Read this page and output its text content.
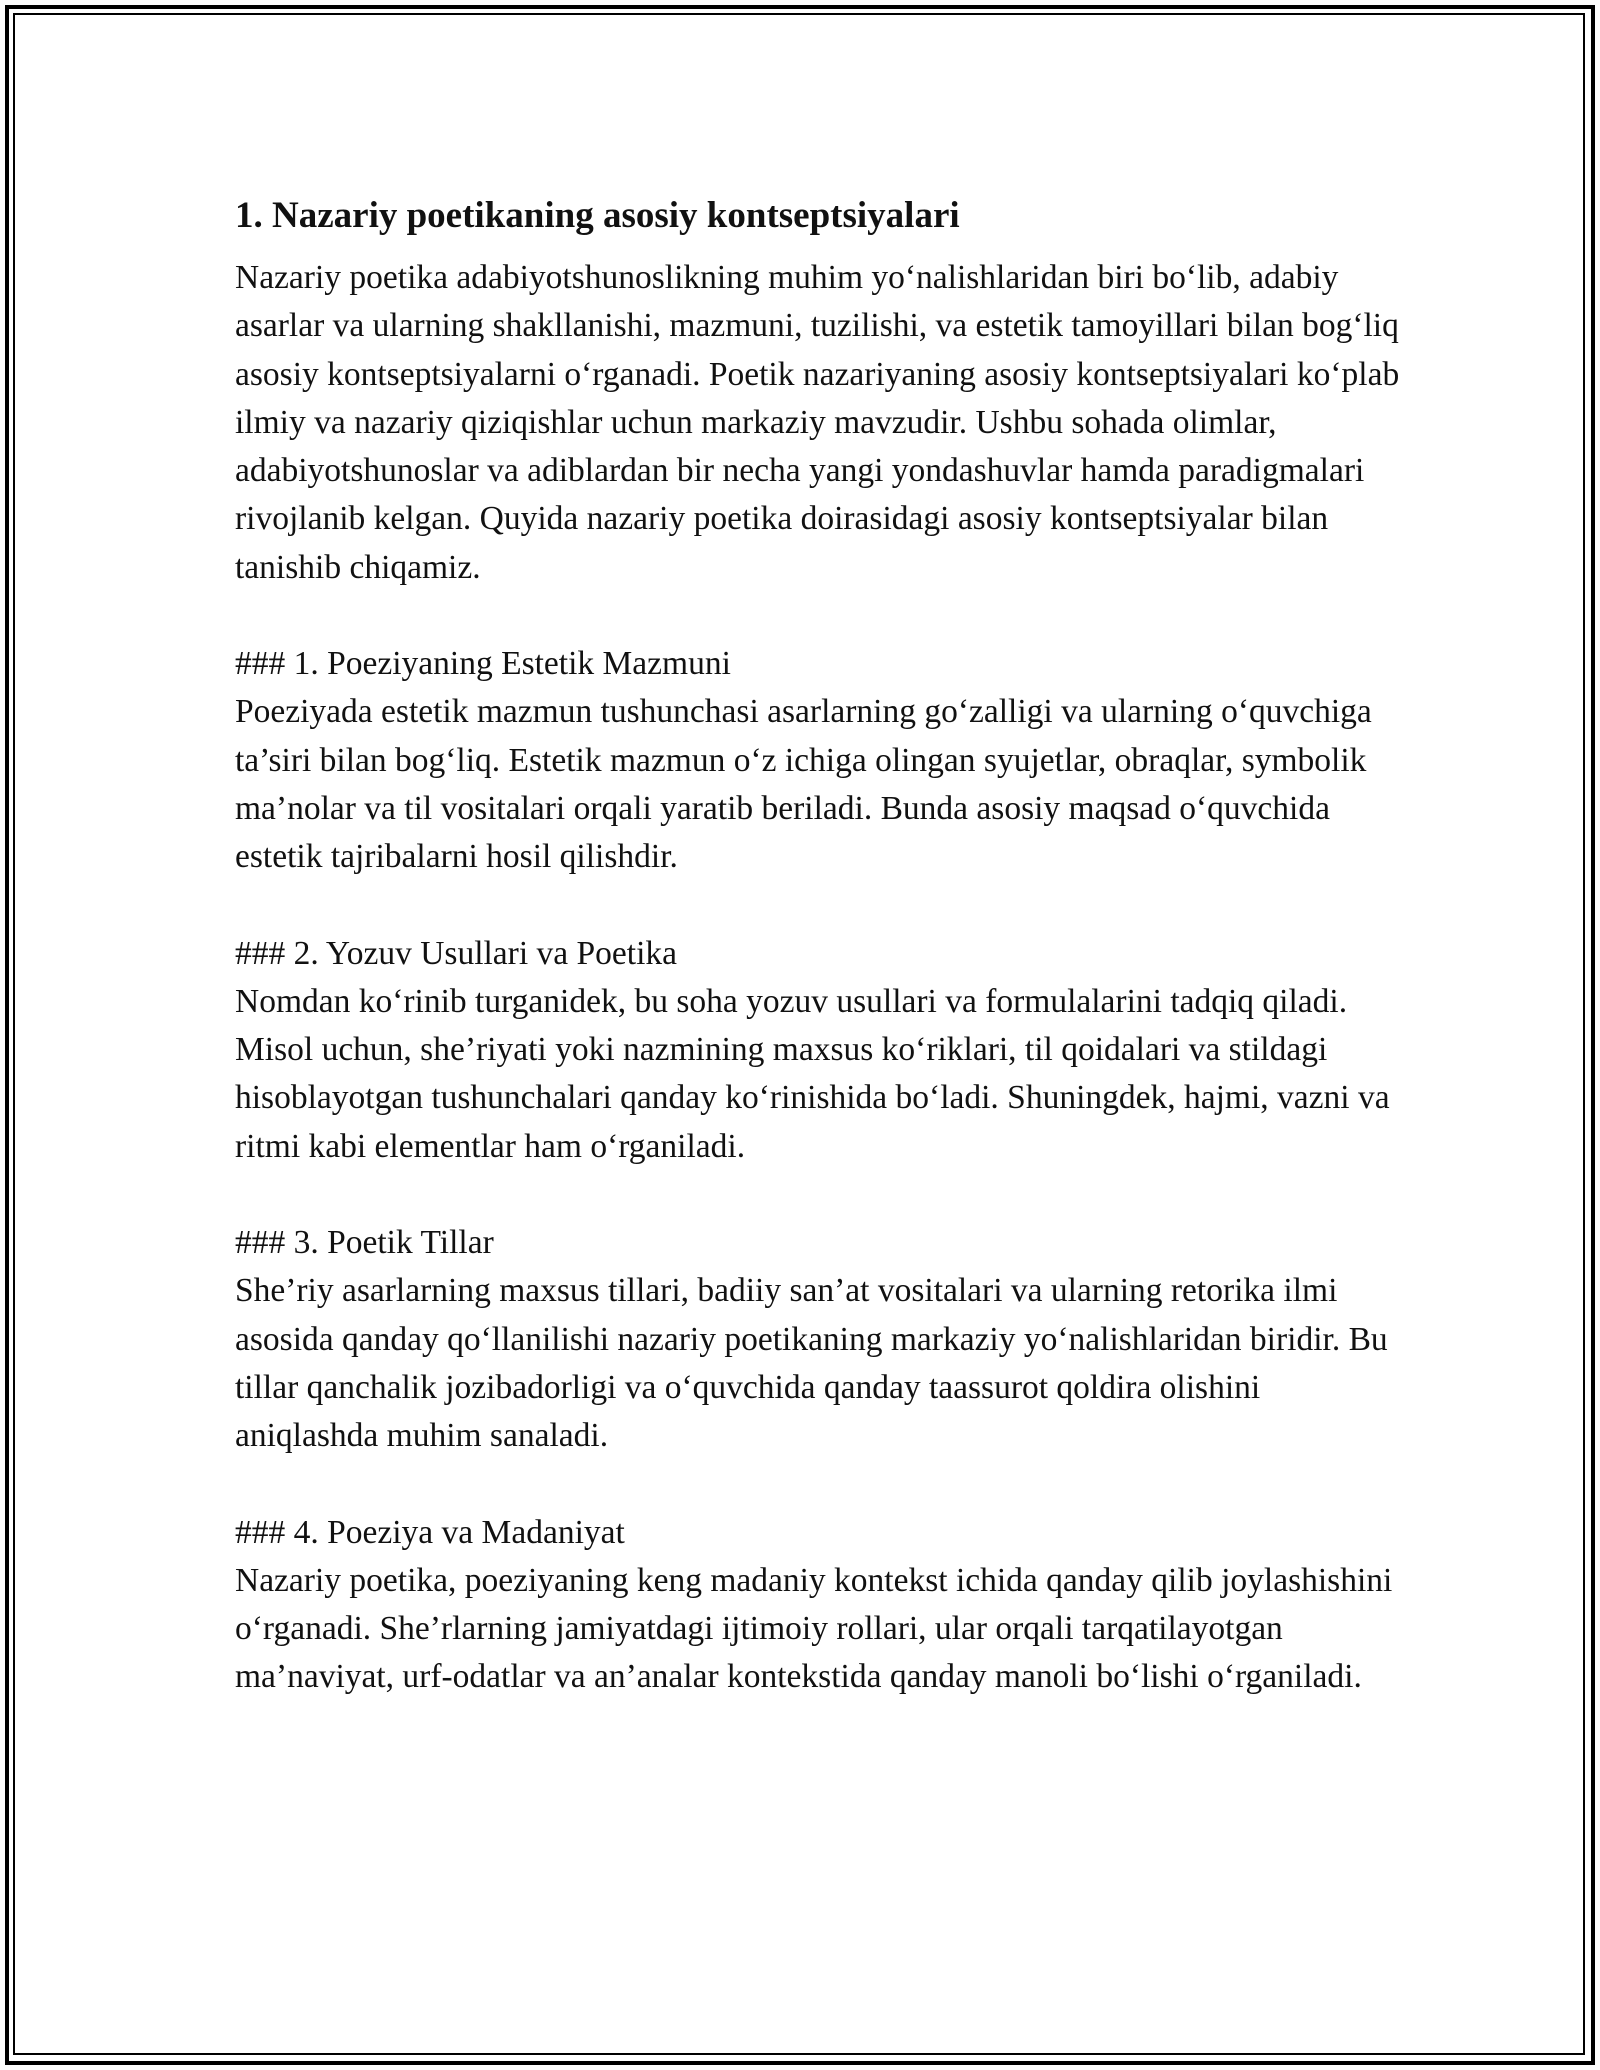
1. Nazariy poetikaning asosiy kontseptsiyalari

Nazariy poetika adabiyotshunoslikning muhim yo‘nalishlaridan biri bo‘lib, adabiy asarlar va ularning shakllanishi, mazmuni, tuzilishi, va estetik tamoyillari bilan bog‘liq asosiy kontseptsiyalarni o‘rganadi. Poetik nazariyaning asosiy kontseptsiyalari ko‘plab ilmiy va nazariy qiziqishlar uchun markaziy mavzudir. Ushbu sohada olimlar, adabiyotshunoslar va adiblardan bir necha yangi yondashuvlar hamda paradigmalari rivojlanib kelgan. Quyida nazariy poetika doirasidagi asosiy kontseptsiyalar bilan tanishib chiqamiz.

### 1. Poeziyaning Estetik Mazmuni

Poeziyada estetik mazmun tushunchasi asarlarning go‘zalligi va ularning o‘quvchiga ta’siri bilan bog‘liq. Estetik mazmun o‘z ichiga olingan syujetlar, obraqlar, symbolik ma’nolar va til vositalari orqali yaratib beriladi. Bunda asosiy maqsad o‘quvchida estetik tajribalarni hosil qilishdir.

### 2. Yozuv Usullari va Poetika

Nomdan ko‘rinib turganidek, bu soha yozuv usullari va formulalarini tadqiq qiladi. Misol uchun, she’riyati yoki nazmining maxsus ko‘riklari, til qoidalari va stildagi hisoblayotgan tushunchalari qanday ko‘rinishida bo‘ladi. Shuningdek, hajmi, vazni va ritmi kabi elementlar ham o‘rganiladi.

### 3. Poetik Tillar

She’riy asarlarning maxsus tillari, badiiy san’at vositalari va ularning retorika ilmi asosida qanday qo‘llanilishi nazariy poetikaning markaziy yo‘nalishlaridan biridir. Bu tillar qanchalik jozibadorligi va o‘quvchida qanday taassurot qoldira olishini aniqlashda muhim sanaladi.

### 4. Poeziya va Madaniyat

Nazariy poetika, poeziyaning keng madaniy kontekst ichida qanday qilib joylashishini o‘rganadi. She’rlarning jamiyatdagi ijtimoiy rollari, ular orqali tarqatilayotgan ma’naviyat, urf-odatlar va an’analar kontekstida qanday manoli bo‘lishi o‘rganiladi.
